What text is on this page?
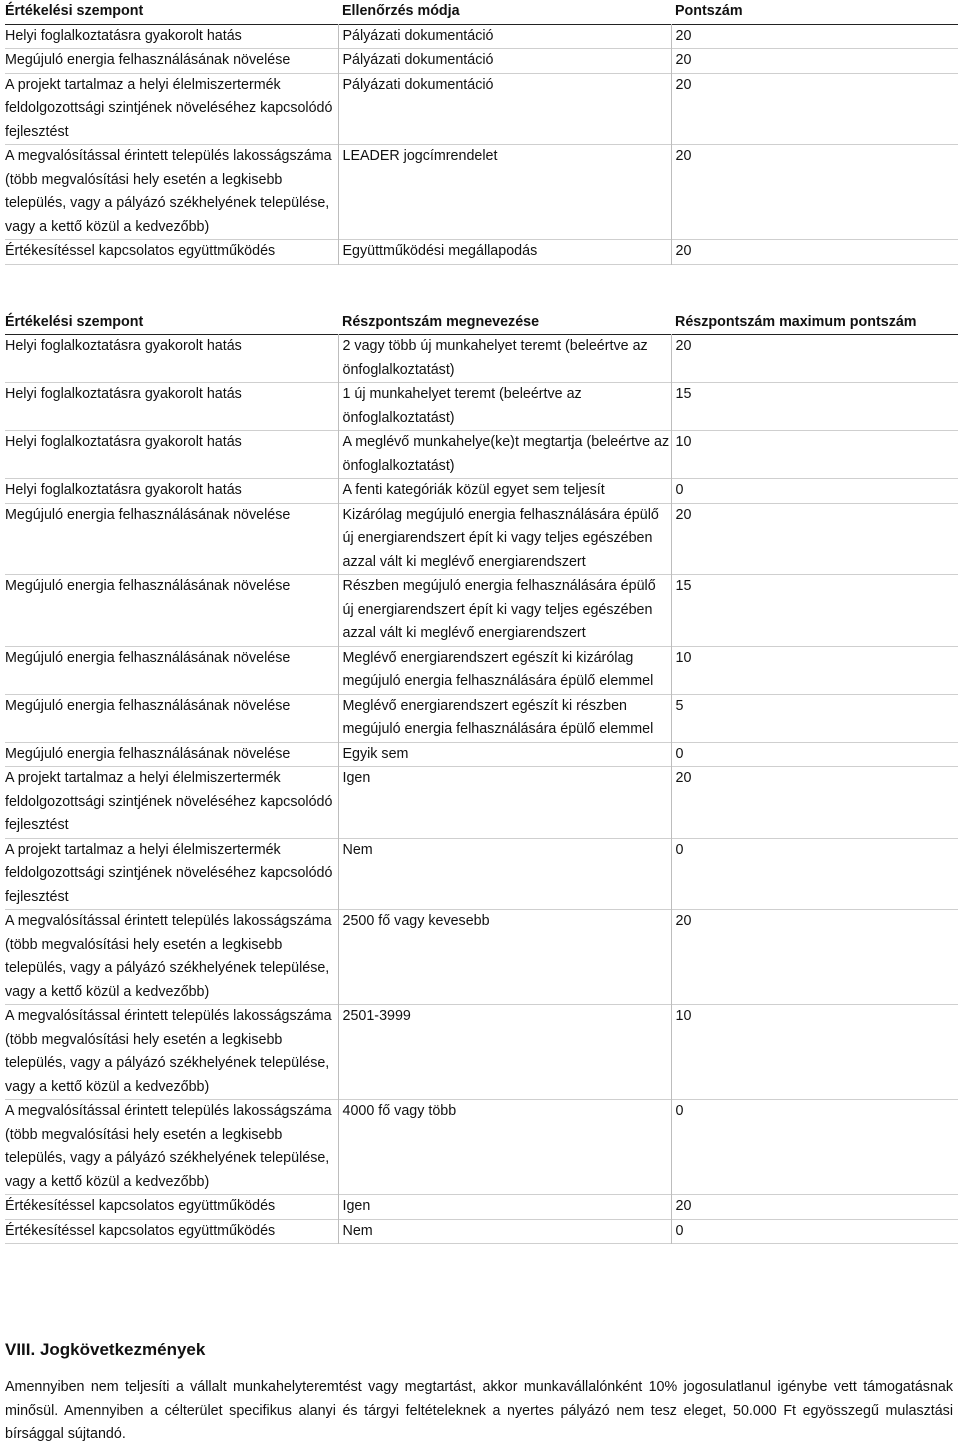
Értékelési szempont	Ellenőrzés módja	Pontszám
Helyi foglalkoztatásra gyakorolt hatás	Pályázati dokumentáció	20
Megújuló energia felhasználásának növelése	Pályázati dokumentáció	20
A projekt tartalmaz a helyi élelmiszertermék feldolgozottsági szintjének növeléséhez kapcsolódó fejlesztést	Pályázati dokumentáció	20
A megvalósítással érintett település lakosságszáma (több megvalósítási hely esetén a legkisebb település, vagy a pályázó székhelyének települése, vagy a kettő közül a kedvezőbb)	LEADER jogcímrendelet	20
Értékesítéssel kapcsolatos együttműködés	Együttműködési megállapodás	20
Értékelési szempont	Részpontszám megnevezése	Részpontszám maximum pontszám
Helyi foglalkoztatásra gyakorolt hatás	2 vagy több új munkahelyet teremt (beleértve az önfoglalkoztatást)	20
Helyi foglalkoztatásra gyakorolt hatás	1 új munkahelyet teremt (beleértve az önfoglalkoztatást)	15
Helyi foglalkoztatásra gyakorolt hatás	A meglévő munkahelye(ke)t megtartja (beleértve az önfoglalkoztatást)	10
Helyi foglalkoztatásra gyakorolt hatás	A fenti kategóriák közül egyet sem teljesít	0
Megújuló energia felhasználásának növelése	Kizárólag megújuló energia felhasználására épülő új energiarendszert épít ki vagy teljes egészében azzal vált ki meglévő energiarendszert	20
Megújuló energia felhasználásának növelése	Részben megújuló energia felhasználására épülő új energiarendszert épít ki vagy teljes egészében azzal vált ki meglévő energiarendszert	15
Megújuló energia felhasználásának növelése	Meglévő energiarendszert egészít ki kizárólag megújuló energia felhasználására épülő elemmel	10
Megújuló energia felhasználásának növelése	Meglévő energiarendszert egészít ki részben megújuló energia felhasználására épülő elemmel	5
Megújuló energia felhasználásának növelése	Egyik sem	0
A projekt tartalmaz a helyi élelmiszertermék feldolgozottsági szintjének növeléséhez kapcsolódó fejlesztést	Igen	20
A projekt tartalmaz a helyi élelmiszertermék feldolgozottsági szintjének növeléséhez kapcsolódó fejlesztést	Nem	0
A megvalósítással érintett település lakosságszáma (több megvalósítási hely esetén a legkisebb település, vagy a pályázó székhelyének települése, vagy a kettő közül a kedvezőbb)	2500 fő vagy kevesebb	20
A megvalósítással érintett település lakosságszáma (több megvalósítási hely esetén a legkisebb település, vagy a pályázó székhelyének települése, vagy a kettő közül a kedvezőbb)	2501-3999	10
A megvalósítással érintett település lakosságszáma (több megvalósítási hely esetén a legkisebb település, vagy a pályázó székhelyének települése, vagy a kettő közül a kedvezőbb)	4000 fő vagy több	0
Értékesítéssel kapcsolatos együttműködés	Igen	20
Értékesítéssel kapcsolatos együttműködés	Nem	0
VIII. Jogkövetkezmények
Amennyiben nem teljesíti a vállalt munkahelyteremtést vagy megtartást, akkor munkavállalónként 10% jogosulatlanul igénybe vett támogatásnak minősül. Amennyiben a célterület specifikus alanyi és tárgyi feltételeknek a nyertes pályázó nem tesz eleget, 50.000 Ft egyösszegű mulasztási bírsággal sújtandó.
